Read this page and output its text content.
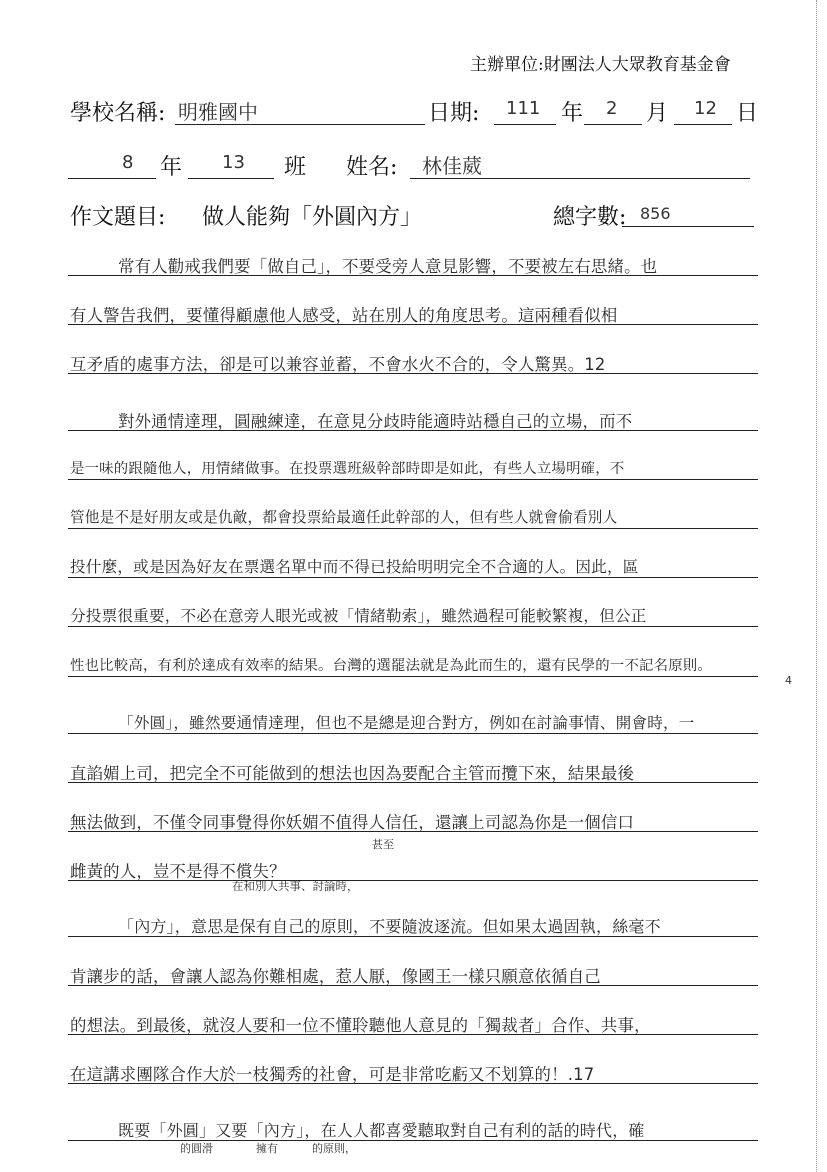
主辦單位:財團法人大眾教育基金會
學校名稱: 明雅國中	日期: 111 年 2 月 12 日
8 年 13 班 姓名: 林佳葳
作文題目: 做人能夠「外圓內方」	總字數: 856
常有人勸戒我們要「做自己」，不要受旁人意見影響，不要被左右思緒。也
有人警告我們，要懂得顧慮他人感受，站在別人的角度思考。這兩種看似相
互矛盾的處事方法，卻是可以兼容並蓄，不會水火不合的，令人驚異。12
對外通情達理，圓融練達，在意見分歧時能適時站穩自己的立場，而不
是一味的跟隨他人，用情緒做事。在投票選班級幹部時即是如此，有些人立場明確，不
管他是不是好朋友或是仇敵，都會投票給最適任此幹部的人，但有些人就會偷看別人
投什麼，或是因為好友在票選名單中而不得已投給明明完全不合適的人。因此，區
分投票很重要，不必在意旁人眼光或被「情緒勒索」，雖然過程可能較繁複，但公正
性也比較高，有利於達成有效率的結果。台灣的選罷法就是為此而生的，還有民學的一不記名原則。
「外圓」，雖然要通情達理，但也不是總是迎合對方，例如在討論事情、開會時，一
直諂媚上司，把完全不可能做到的想法也因為要配合主管而攬下來，結果最後
無法做到，不僅令同事覺得你妖媚不值得人信任，還讓上司認為你是一個信口
雌黃的人，豈不是得不償失？
「內方」，意思是保有自己的原則，不要隨波逐流。但如果太過固執，絲毫不
肯讓步的話，會讓人認為你難相處，惹人厭，像國王一樣只願意依循自己
的想法。到最後，就沒人要和一位不懂聆聽他人意見的「獨裁者」合作、共事，
在這講求團隊合作大於一枝獨秀的社會，可是非常吃虧又不划算的！.17
既要「外圓」又要「內方」，在人人都喜愛聽取對自己有利的話的時代，確
4
甚至
在和別人共事、討論時，
的圓滑	擁有	的原則，
